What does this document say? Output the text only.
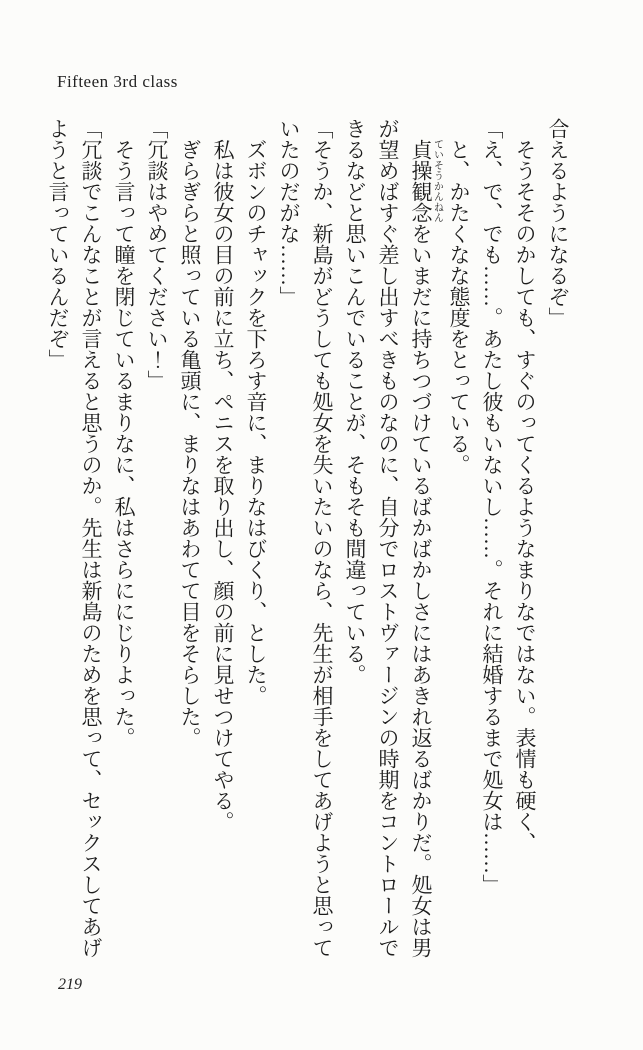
Fifteen 3rd class

合えるようになるぞ」

そうそそのかしても、すぐのってくるようなまりなではない。表情も硬く、

「え、で、でも……。あたし彼もいないし……。それに結婚するまで処女は……」

と、かたくなな態度をとっている。

貞操観念ていそうかんねんをいまだに持ちつづけているばかばかしさにはあきれ返るばかりだ。処女は男が望めばすぐ差し出すべきものなのに、自分でロストヴァージンの時期をコントロールできるなどと思いこんでいることが、そもそも間違っている。

「そうか、新島がどうしても処女を失いたいのなら、先生が相手をしてあげようと思っていたのだがな……」

ズボンのチャックを下ろす音に、まりなはびくり、とした。

私は彼女の目の前に立ち、ペニスを取り出し、顔の前に見せつけてやる。

ぎらぎらと照っている亀頭に、まりなはあわてて目をそらした。

「冗談はやめてください！」

そう言って瞳を閉じているまりなに、私はさらににじりよった。

「冗談でこんなことが言えると思うのか。先生は新島のためを思って、セックスしてあげようと言っているんだぞ」

219
